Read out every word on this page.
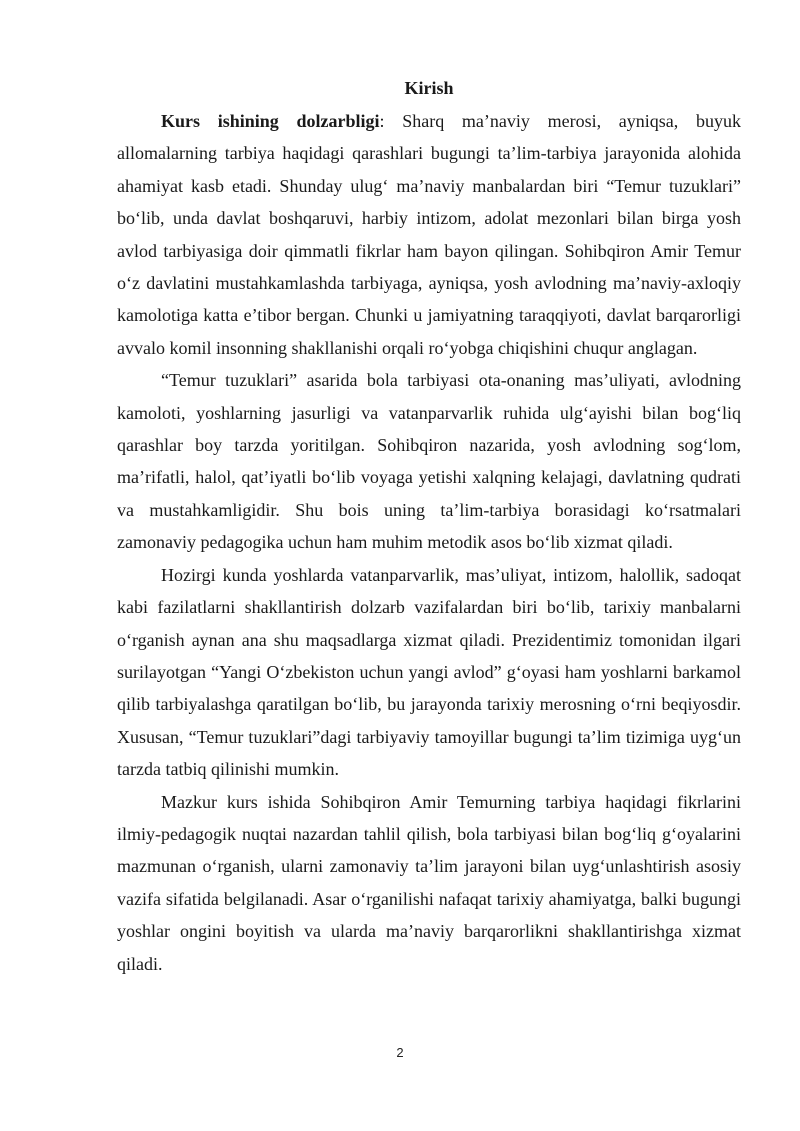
Kirish

Kurs ishining dolzarbligi: Sharq ma’naviy merosi, ayniqsa, buyuk allomalarning tarbiya haqidagi qarashlari bugungi ta’lim-tarbiya jarayonida alohida ahamiyat kasb etadi. Shunday ulug‘ ma’naviy manbalardan biri “Temur tuzuklari” bo‘lib, unda davlat boshqaruvi, harbiy intizom, adolat mezonlari bilan birga yosh avlod tarbiyasiga doir qimmatli fikrlar ham bayon qilingan. Sohibqiron Amir Temur o‘z davlatini mustahkamlashda tarbiyaga, ayniqsa, yosh avlodning ma’naviy-axloqiy kamolotiga katta e’tibor bergan. Chunki u jamiyatning taraqqiyoti, davlat barqarorligi avvalo komil insonning shakllanishi orqali ro‘yobga chiqishini chuqur anglagan.

“Temur tuzuklari” asarida bola tarbiyasi ota-onaning mas’uliyati, avlodning kamoloti, yoshlarning jasurligi va vatanparvarlik ruhida ulg‘ayishi bilan bog‘liq qarashlar boy tarzda yoritilgan. Sohibqiron nazarida, yosh avlodning sog‘lom, ma’rifatli, halol, qat’iyatli bo‘lib voyaga yetishi xalqning kelajagi, davlatning qudrati va mustahkamligidir. Shu bois uning ta’lim-tarbiya borasidagi ko‘rsatmalari zamonaviy pedagogika uchun ham muhim metodik asos bo‘lib xizmat qiladi.

Hozirgi kunda yoshlarda vatanparvarlik, mas’uliyat, intizom, halollik, sadoqat kabi fazilatlarni shakllantirish dolzarb vazifalardan biri bo‘lib, tarixiy manbalarni o‘rganish aynan ana shu maqsadlarga xizmat qiladi. Prezidentimiz tomonidan ilgari surilayotgan “Yangi O‘zbekiston uchun yangi avlod” g‘oyasi ham yoshlarni barkamol qilib tarbiyalashga qaratilgan bo‘lib, bu jarayonda tarixiy merosning o‘rni beqiyosdir. Xususan, “Temur tuzuklari”dagi tarbiyaviy tamoyillar bugungi ta’lim tizimiga uyg‘un tarzda tatbiq qilinishi mumkin.

Mazkur kurs ishida Sohibqiron Amir Temurning tarbiya haqidagi fikrlarini ilmiy-pedagogik nuqtai nazardan tahlil qilish, bola tarbiyasi bilan bog‘liq g‘oyalarini mazmunan o‘rganish, ularni zamonaviy ta’lim jarayoni bilan uyg‘unlashtirish asosiy vazifa sifatida belgilanadi. Asar o‘rganilishi nafaqat tarixiy ahamiyatga, balki bugungi yoshlar ongini boyitish va ularda ma’naviy barqarorlikni shakllantirishga xizmat qiladi.

2
